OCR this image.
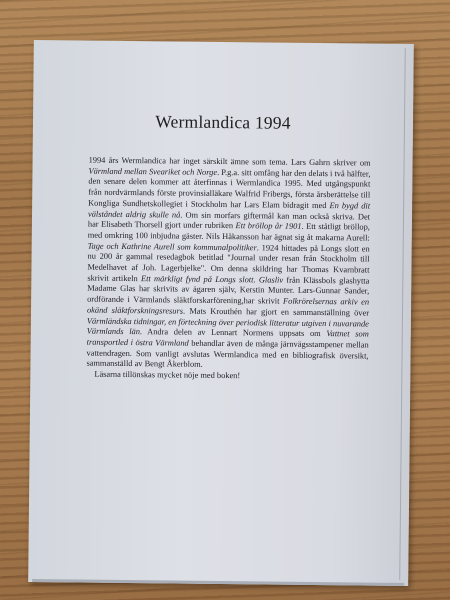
Wermlandica 1994

1994 års Wermlandica har inget särskilt ämne som tema. Lars Gahrn skriver om Värmland mellan Sveariket och Norge. P.g.a. sitt omfång har den delats i två hälfter, den senare delen kommer att återfinnas i Wermlandica 1995. Med utgångspunkt från nordvärmlands förste provinsialläkare Walfrid Fribergs, första årsberättelse till Kongliga Sundhetskollegiet i Stockholm har Lars Elam bidragit med En bygd dit välståndet aldrig skulle nå. Om sin morfars giftermål kan man också skriva. Det har Elisabeth Thorsell gjort under rubriken Ett bröllop år 1901. Ett ståtligt bröllop, med omkring 100 inbjudna gäster. Nils Håkansson har ägnat sig åt makarna Aurell: Tage och Kathrine Aurell som kommunalpolitiker. 1924 hittades på Longs slott en nu 200 år gammal resedagbok betitlad "Journal under resan från Stockholm till Medelhavet af Joh. Lagerbjelke". Om denna skildring har Thomas Kvarnbratt skrivit artikeln Ett märkligt fynd på Longs slott. Glasliv från Klässbols glashytta Madame Glas har skrivits av ägaren själv, Kerstin Munter. Lars-Gunnar Sander, ordförande i Värmlands släktforskarförening,har skrivit Folkrörelsernas arkiv en okänd släktforskningsresurs. Mats Krouthén har gjort en sammanställning över Värmländska tidningar, en förteckning över periodisk litteratur utgiven i nuvarande Värmlands län. Andra delen av Lennart Normens uppsats om Vattnet som transportled i östra Värmland behandlar även de många järnvägsstampener mellan vattendragen. Som vanligt avslutas Wermlandica med en bibliografisk översikt, sammanställd av Bengt Åkerblom.

Läsarna tillönskas mycket nöje med boken!
